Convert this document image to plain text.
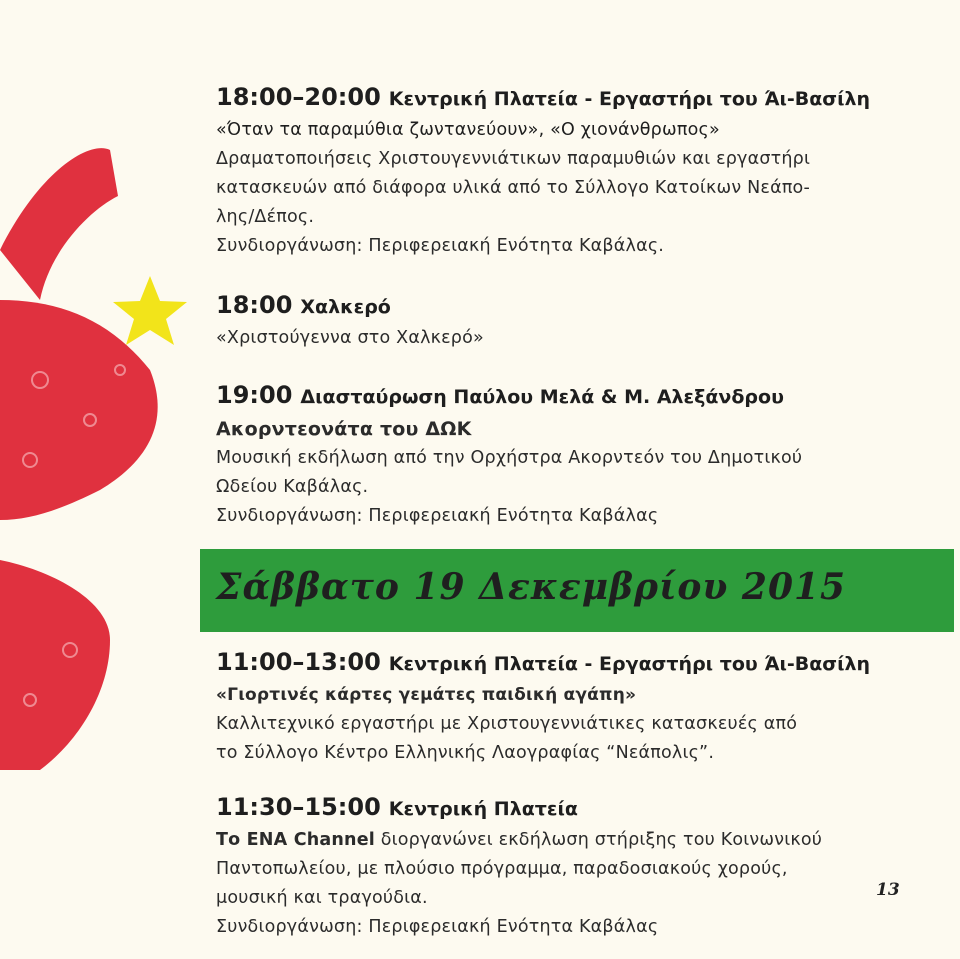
18:00–20:00 Κεντρική Πλατεία - Εργαστήρι του Άι-Βασίλη
«Όταν τα παραμύθια ζωντανεύουν», «Ο χιονάνθρωπος»
Δραματοποιήσεις Χριστουγεννιάτικων παραμυθιών και εργαστήρι
κατασκευών από διάφορα υλικά από το Σύλλογο Κατοίκων Νεάπο-
λης/Δέπος.
Συνδιοργάνωση: Περιφερειακή Ενότητα Καβάλας.
18:00 Χαλκερό
«Χριστούγεννα στο Χαλκερό»
19:00 Διασταύρωση Παύλου Μελά & Μ. Αλεξάνδρου
Ακορντεονάτα του ΔΩΚ
Μουσική εκδήλωση από την Ορχήστρα Ακορντεόν του Δημοτικού
Ωδείου Καβάλας.
Συνδιοργάνωση: Περιφερειακή Ενότητα Καβάλας
Σάββατο 19 Δεκεμβρίου 2015
11:00–13:00 Κεντρική Πλατεία - Εργαστήρι του Άι-Βασίλη
«Γιορτινές κάρτες γεμάτες παιδική αγάπη»
Καλλιτεχνικό εργαστήρι με Χριστουγεννιάτικες κατασκευές από
το Σύλλογο Κέντρο Ελληνικής Λαογραφίας “Νεάπολις”.
11:30–15:00 Κεντρική Πλατεία
Το ΕΝΑ Channel διοργανώνει εκδήλωση στήριξης του Κοινωνικού
Παντοπωλείου, με πλούσιο πρόγραμμα, παραδοσιακούς χορούς,
μουσική και τραγούδια.
Συνδιοργάνωση: Περιφερειακή Ενότητα Καβάλας
13
